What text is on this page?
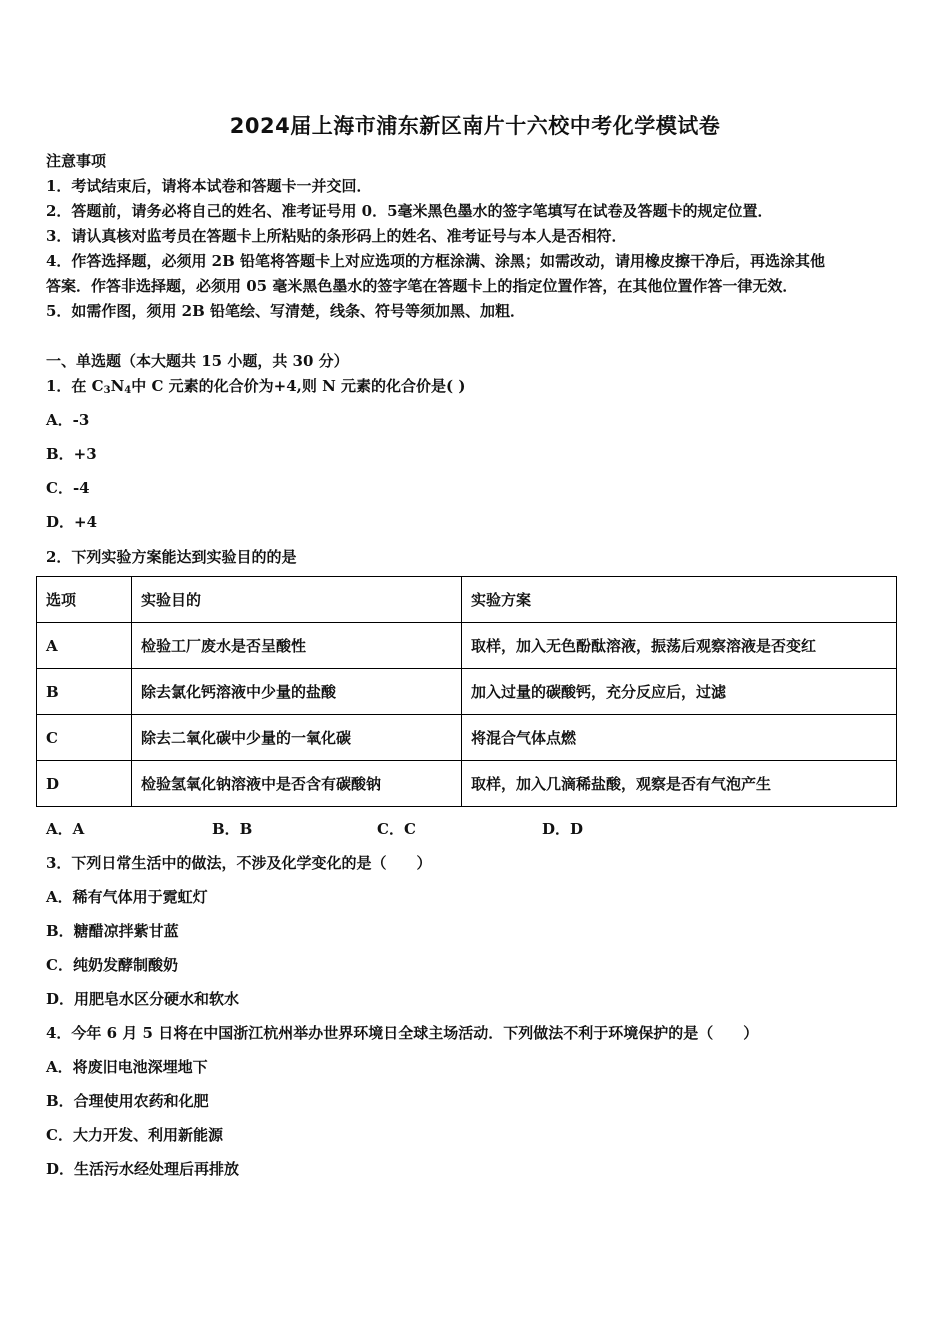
2024届上海市浦东新区南片十六校中考化学模试卷
注意事项
1．考试结束后，请将本试卷和答题卡一并交回．
2．答题前，请务必将自己的姓名、准考证号用 0．5毫米黑色墨水的签字笔填写在试卷及答题卡的规定位置．
3．请认真核对监考员在答题卡上所粘贴的条形码上的姓名、准考证号与本人是否相符．
4．作答选择题，必须用 2B 铅笔将答题卡上对应选项的方框涂满、涂黑；如需改动，请用橡皮擦干净后，再选涂其他
答案．作答非选择题，必须用 05 毫米黑色墨水的签字笔在答题卡上的指定位置作答，在其他位置作答一律无效．
5．如需作图，须用 2B 铅笔绘、写清楚，线条、符号等须加黑、加粗．
一、单选题（本大题共 15 小题，共 30 分）
1．在 $C_3N_4$中 C 元素的化合价为+4,则 N 元素的化合价是( )
A．-3
B．+3
C．-4
D．+4
2．下列实验方案能达到实验目的的是
选项	实验目的	实验方案
A	检验工厂废水是否呈酸性	取样，加入无色酚酞溶液，振荡后观察溶液是否变红
B	除去氯化钙溶液中少量的盐酸	加入过量的碳酸钙，充分反应后，过滤
C	除去二氧化碳中少量的一氧化碳	将混合气体点燃
D	检验氢氧化钠溶液中是否含有碳酸钠	取样，加入几滴稀盐酸，观察是否有气泡产生
A．A	B．B	C．C	D．D
3．下列日常生活中的做法，不涉及化学变化的是（　　）
A．稀有气体用于霓虹灯
B．糖醋凉拌紫甘蓝
C．纯奶发酵制酸奶
D．用肥皂水区分硬水和软水
4．今年 6 月 5 日将在中国浙江杭州举办世界环境日全球主场活动．下列做法不利于环境保护的是（　　）
A．将废旧电池深埋地下
B．合理使用农药和化肥
C．大力开发、利用新能源
D．生活污水经处理后再排放
